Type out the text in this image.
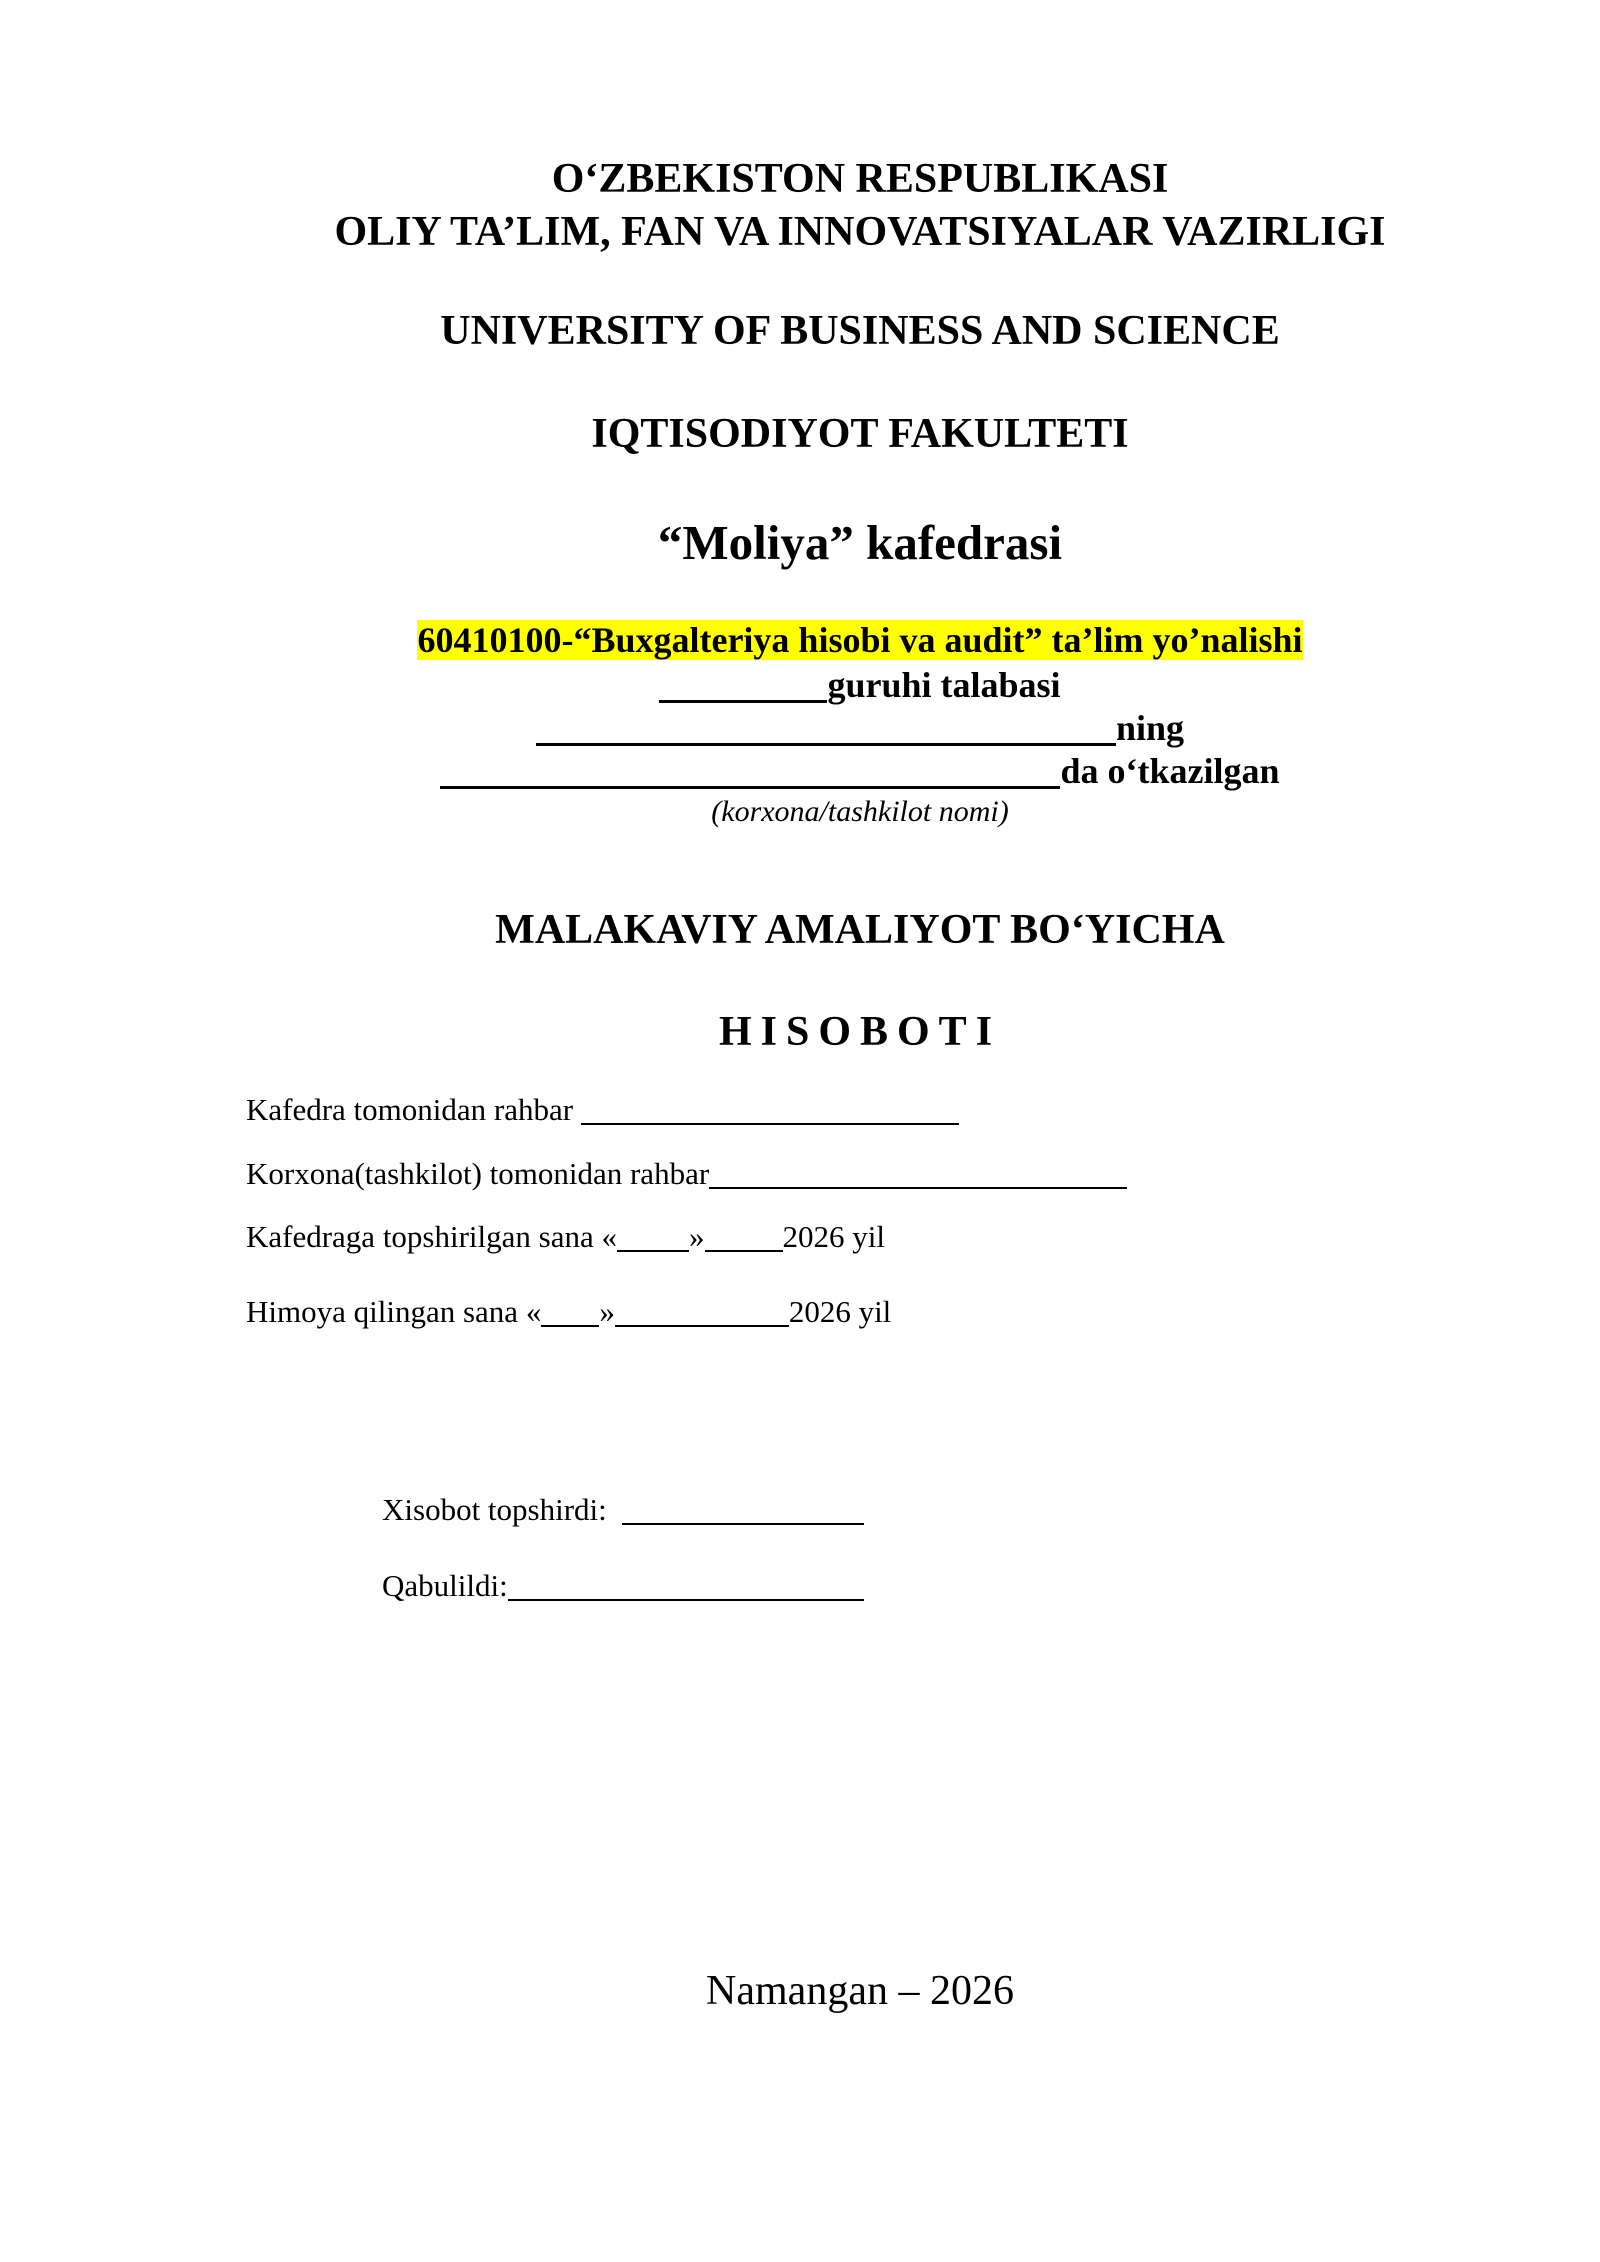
O‘ZBEKISTON RESPUBLIKASI
OLIY TA’LIM, FAN VA INNOVATSIYALAR VAZIRLIGI
UNIVERSITY OF BUSINESS AND SCIENCE
IQTISODIYOT FAKULTETI
“Moliya” kafedrasi
60410100-“Buxgalteriya hisobi va audit” ta’lim yo’nalishi
guruhi talabasi
ning
da o‘tkazilgan
(korxona/tashkilot nomi)
MALAKAVIY AMALIYOT BO‘YICHA
HISOBOTI
Kafedra tomonidan rahbar
Korxona(tashkilot) tomonidan rahbar
Kafedraga topshirilgan sana « »	2026 yil
Himoya qilingan sana « »	2026 yil
Xisobot topshirdi:
Qabulildi:
Namangan – 2026
